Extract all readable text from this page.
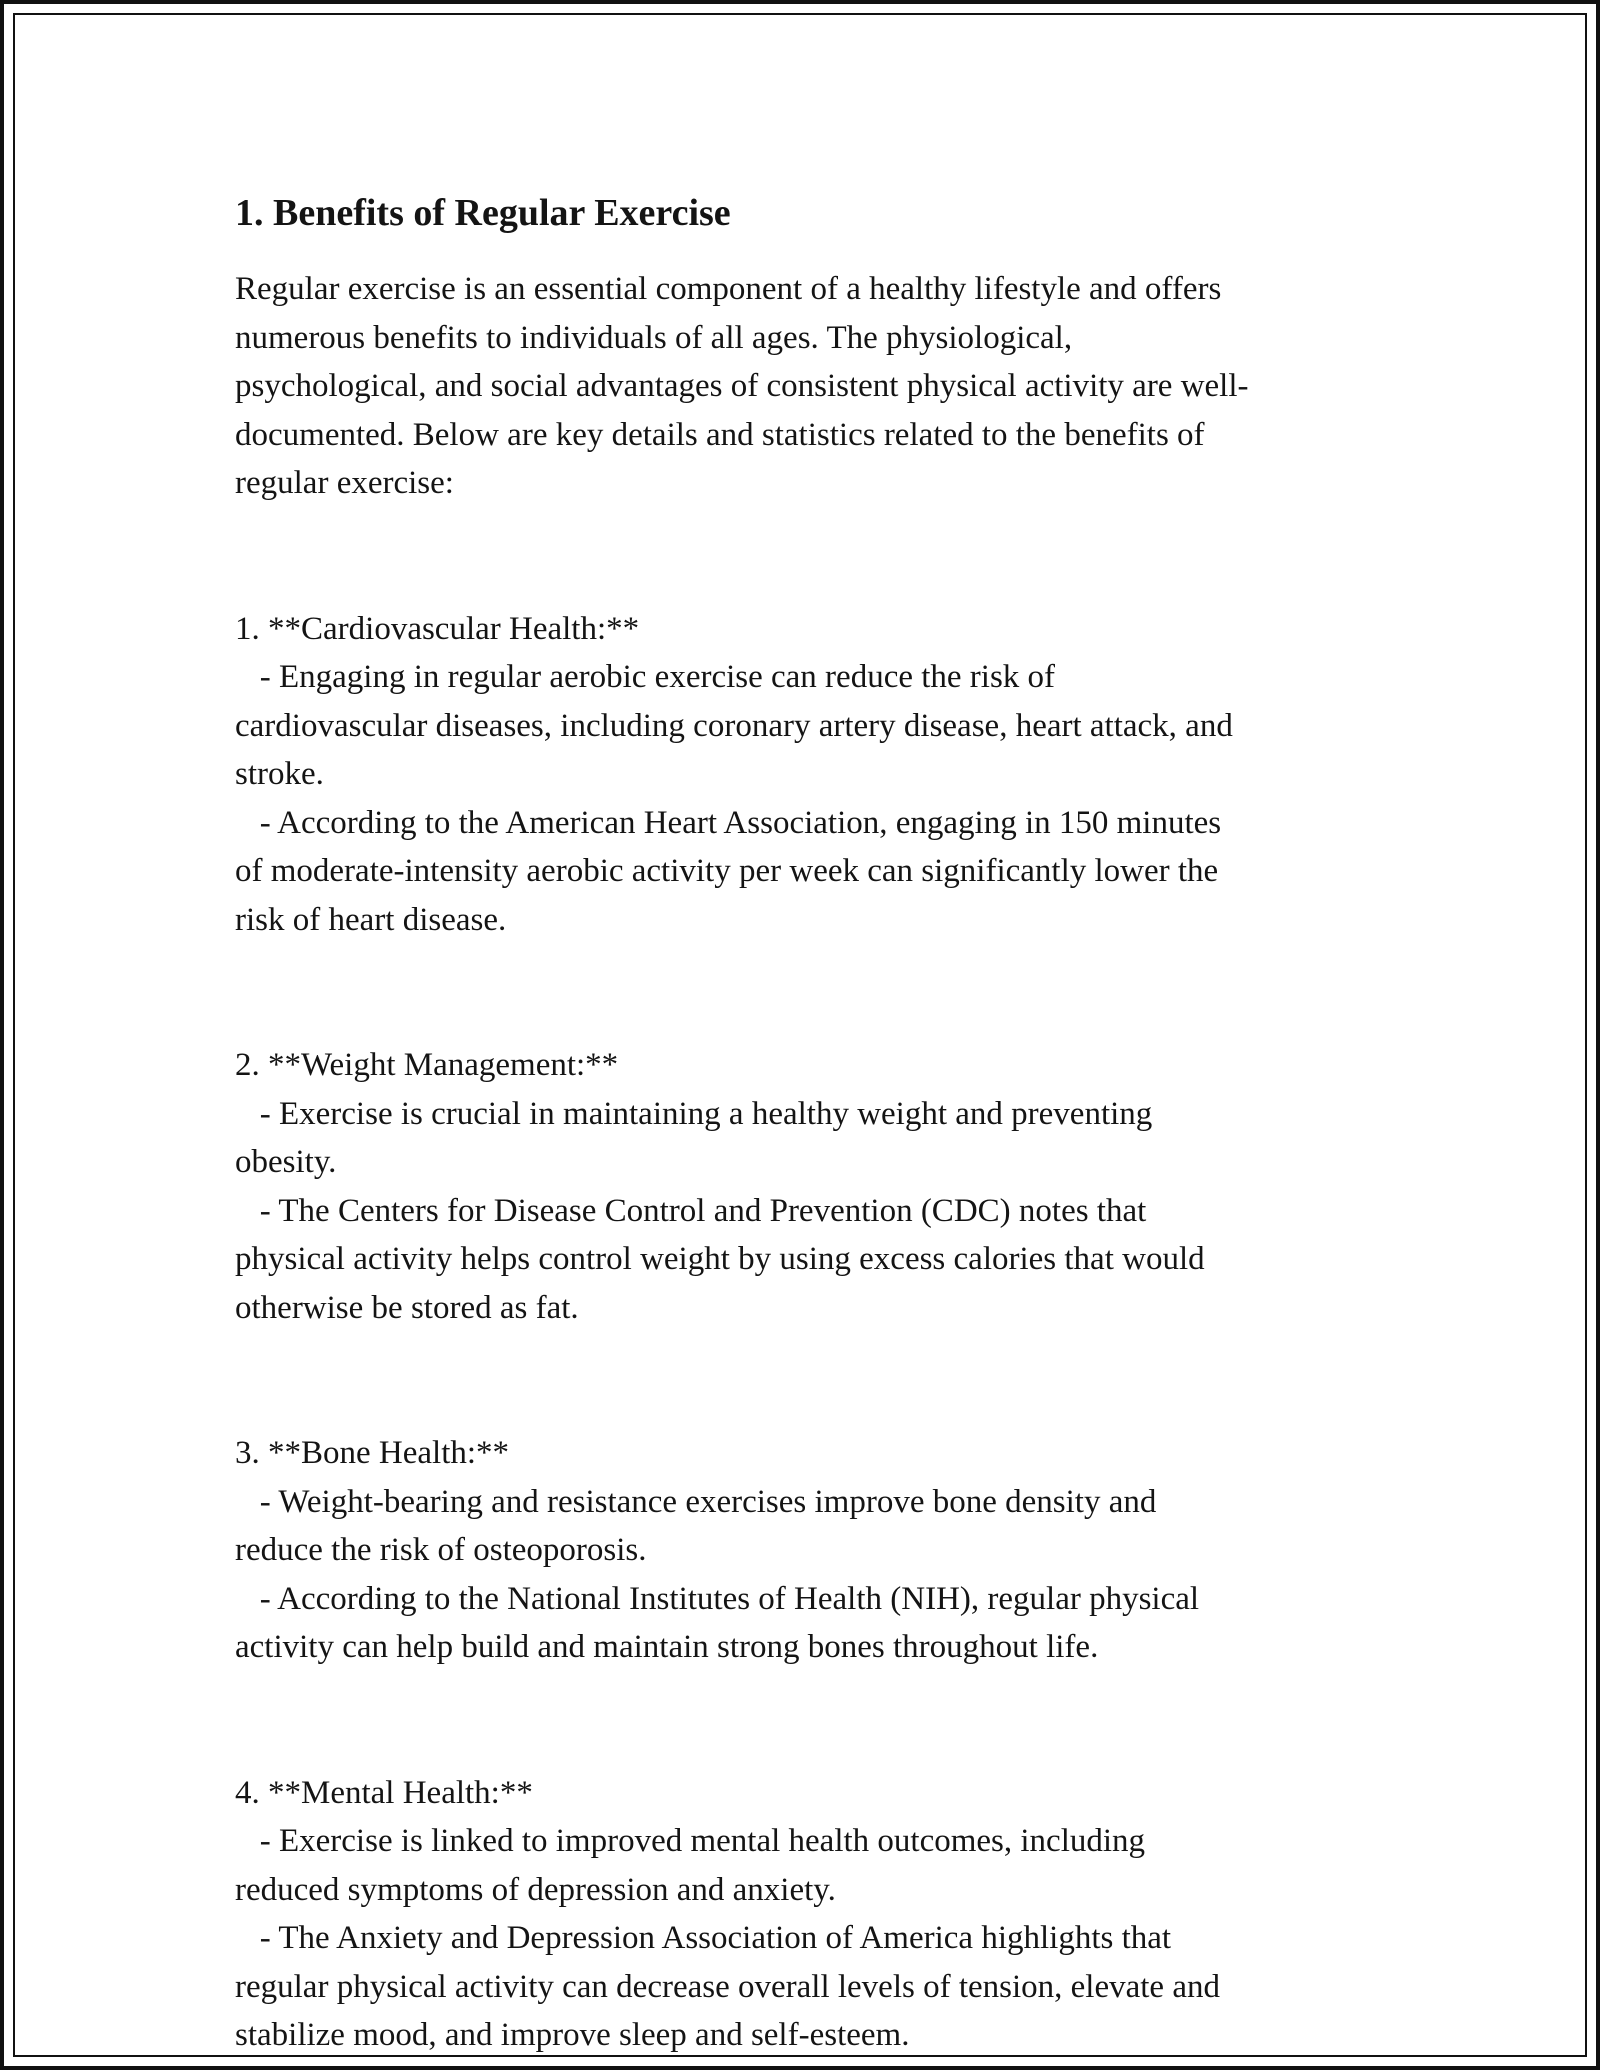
1. Benefits of Regular Exercise
Regular exercise is an essential component of a healthy lifestyle and offers
numerous benefits to individuals of all ages. The physiological,
psychological, and social advantages of consistent physical activity are well-
documented. Below are key details and statistics related to the benefits of
regular exercise:

1. **Cardiovascular Health:**
- Engaging in regular aerobic exercise can reduce the risk of
cardiovascular diseases, including coronary artery disease, heart attack, and
stroke.
- According to the American Heart Association, engaging in 150 minutes
of moderate-intensity aerobic activity per week can significantly lower the
risk of heart disease.

2. **Weight Management:**
- Exercise is crucial in maintaining a healthy weight and preventing
obesity.
- The Centers for Disease Control and Prevention (CDC) notes that
physical activity helps control weight by using excess calories that would
otherwise be stored as fat.

3. **Bone Health:**
- Weight-bearing and resistance exercises improve bone density and
reduce the risk of osteoporosis.
- According to the National Institutes of Health (NIH), regular physical
activity can help build and maintain strong bones throughout life.

4. **Mental Health:**
- Exercise is linked to improved mental health outcomes, including
reduced symptoms of depression and anxiety.
- The Anxiety and Depression Association of America highlights that
regular physical activity can decrease overall levels of tension, elevate and
stabilize mood, and improve sleep and self-esteem.
